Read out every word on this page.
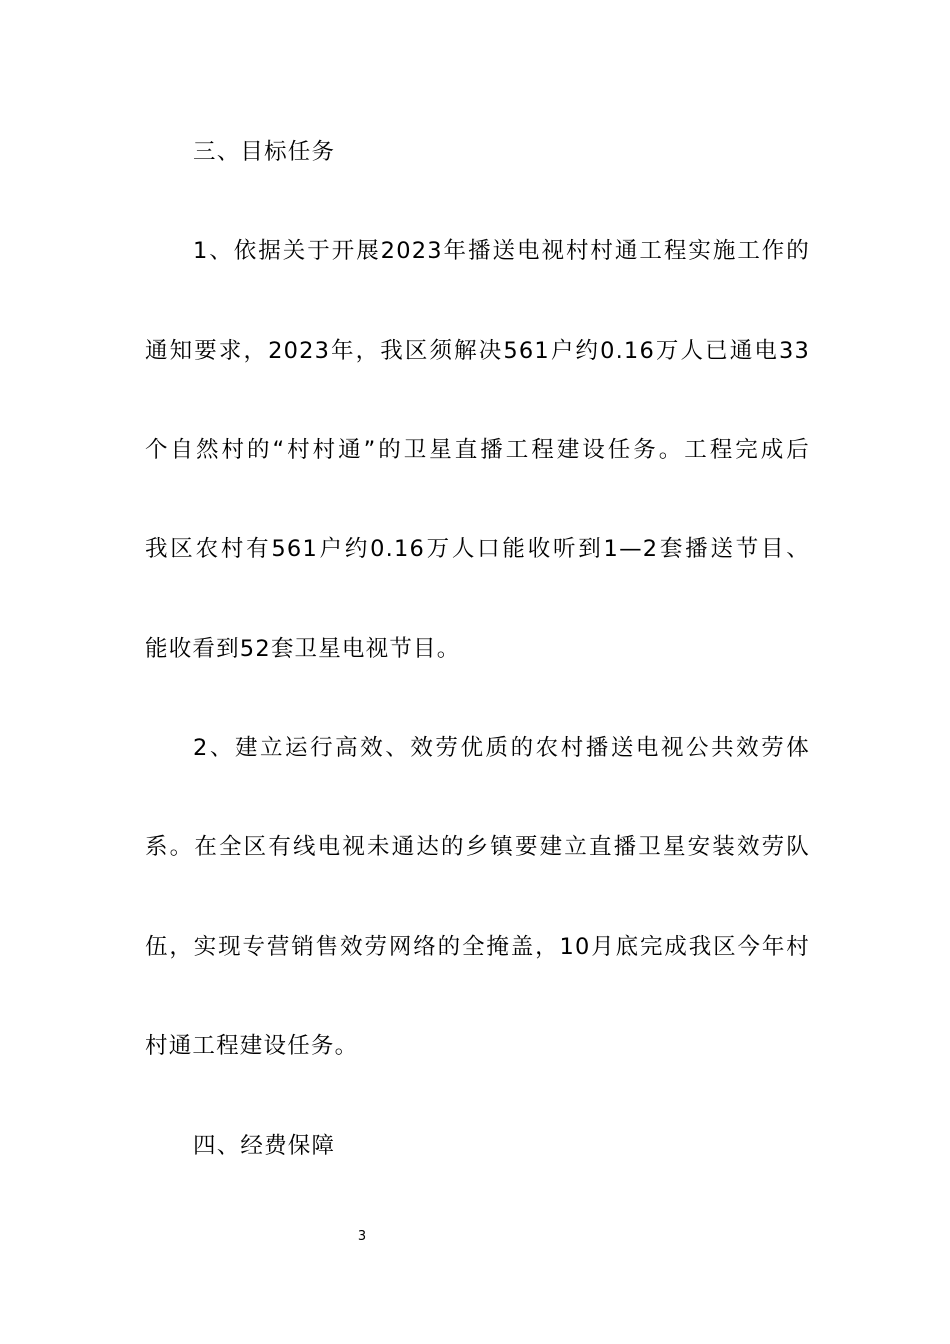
三、目标任务
1、依据关于开展2023年播送电视村村通工程实施工作的
通知要求，2023年，我区须解决561户约0.16万人已通电33
个自然村的“村村通”的卫星直播工程建设任务。工程完成后
我区农村有561户约0.16万人口能收听到1—2套播送节目、
能收看到52套卫星电视节目。
2、建立运行高效、效劳优质的农村播送电视公共效劳体
系。在全区有线电视未通达的乡镇要建立直播卫星安装效劳队
伍，实现专营销售效劳网络的全掩盖，10月底完成我区今年村
村通工程建设任务。
四、经费保障
3
